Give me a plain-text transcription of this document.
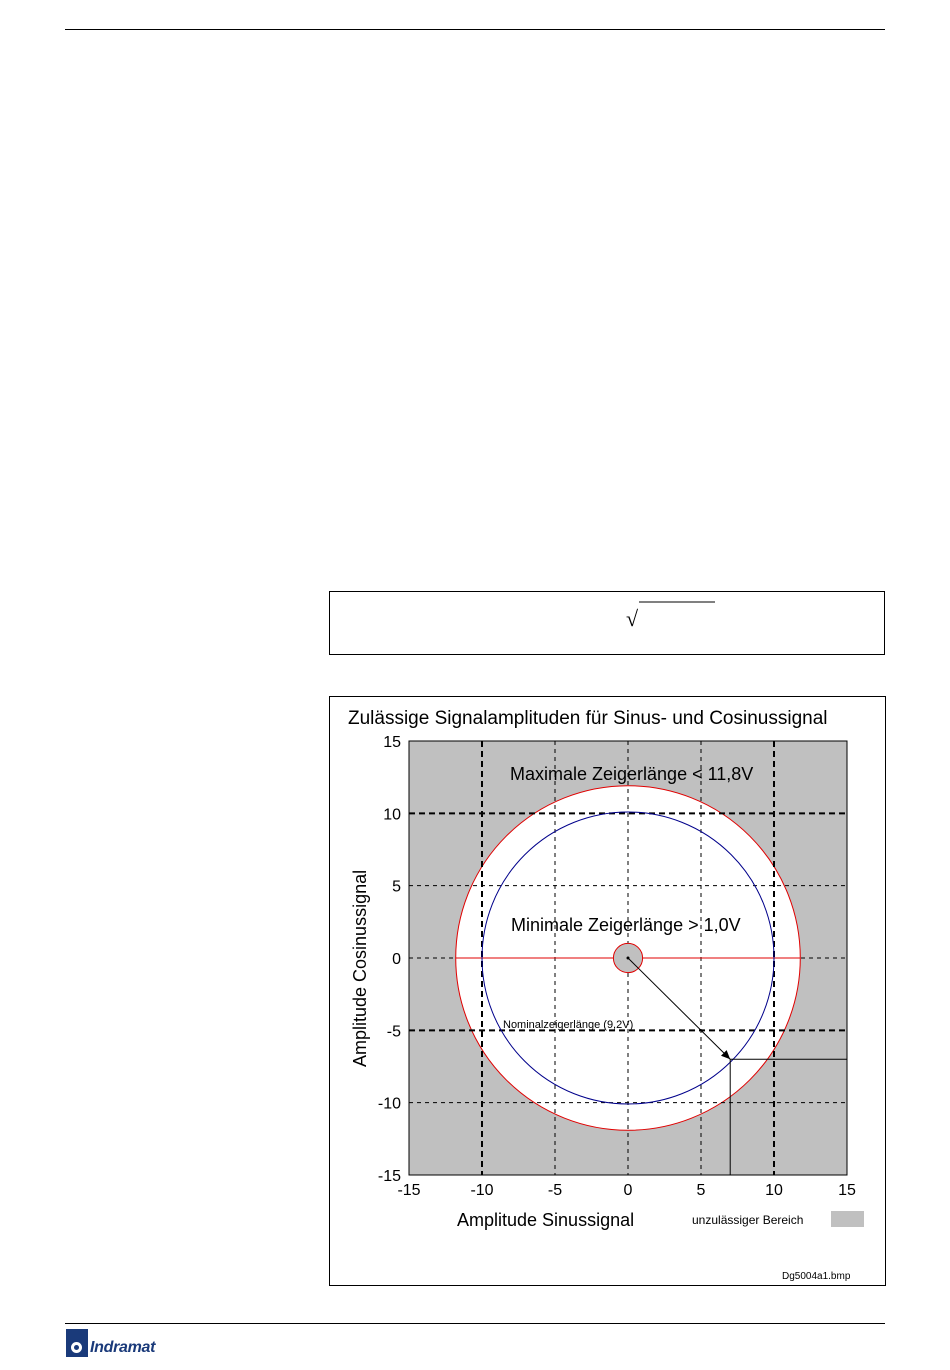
√
Zulässige Signalamplituden für Sinus- und Cosinussignal
Maximale Zeigerlänge < 11,8V
Minimale Zeigerlänge > 1,0V
Nominalzeigerlänge (9,2V)
-15	-10	-5	0	5	10	15
15
10
5
0
-5
-10
-15
Amplitude Sinussignal
Amplitude Cosinussignal
unzulässiger Bereich
Dg5004a1.bmp
Indramat
